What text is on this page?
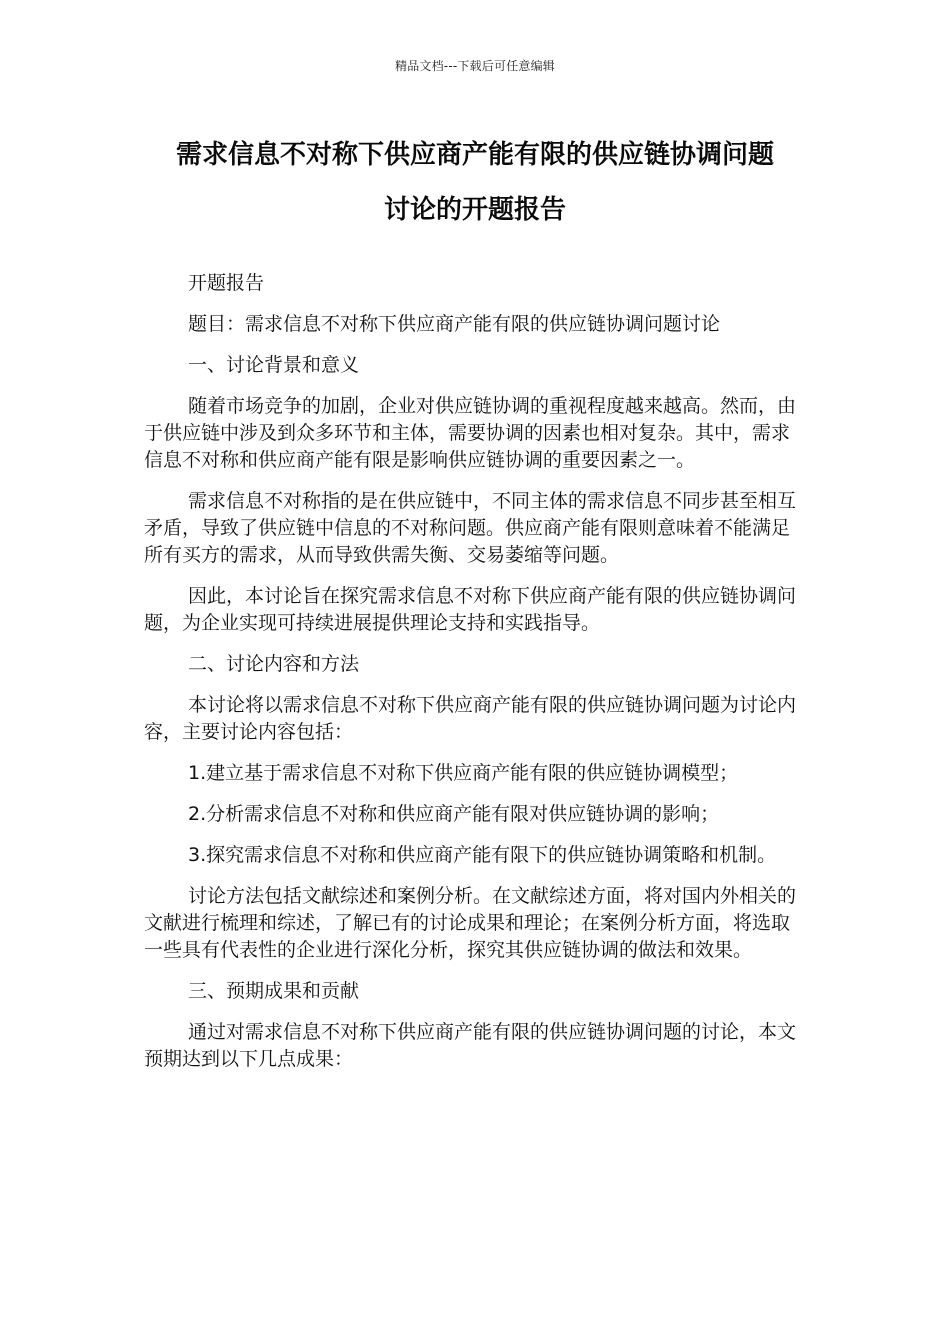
精品文档---下载后可任意编辑
需求信息不对称下供应商产能有限的供应链协调问题
讨论的开题报告

开题报告

题目：需求信息不对称下供应商产能有限的供应链协调问题讨论

一、讨论背景和意义

随着市场竞争的加剧，企业对供应链协调的重视程度越来越高。然而，由于供应链中涉及到众多环节和主体，需要协调的因素也相对复杂。其中，需求信息不对称和供应商产能有限是影响供应链协调的重要因素之一。

需求信息不对称指的是在供应链中，不同主体的需求信息不同步甚至相互矛盾，导致了供应链中信息的不对称问题。供应商产能有限则意味着不能满足所有买方的需求，从而导致供需失衡、交易萎缩等问题。

因此，本讨论旨在探究需求信息不对称下供应商产能有限的供应链协调问题，为企业实现可持续进展提供理论支持和实践指导。

二、讨论内容和方法

本讨论将以需求信息不对称下供应商产能有限的供应链协调问题为讨论内容，主要讨论内容包括：

1.建立基于需求信息不对称下供应商产能有限的供应链协调模型；

2.分析需求信息不对称和供应商产能有限对供应链协调的影响；

3.探究需求信息不对称和供应商产能有限下的供应链协调策略和机制。

讨论方法包括文献综述和案例分析。在文献综述方面，将对国内外相关的文献进行梳理和综述，了解已有的讨论成果和理论；在案例分析方面，将选取一些具有代表性的企业进行深化分析，探究其供应链协调的做法和效果。

三、预期成果和贡献

通过对需求信息不对称下供应商产能有限的供应链协调问题的讨论，本文预期达到以下几点成果：
